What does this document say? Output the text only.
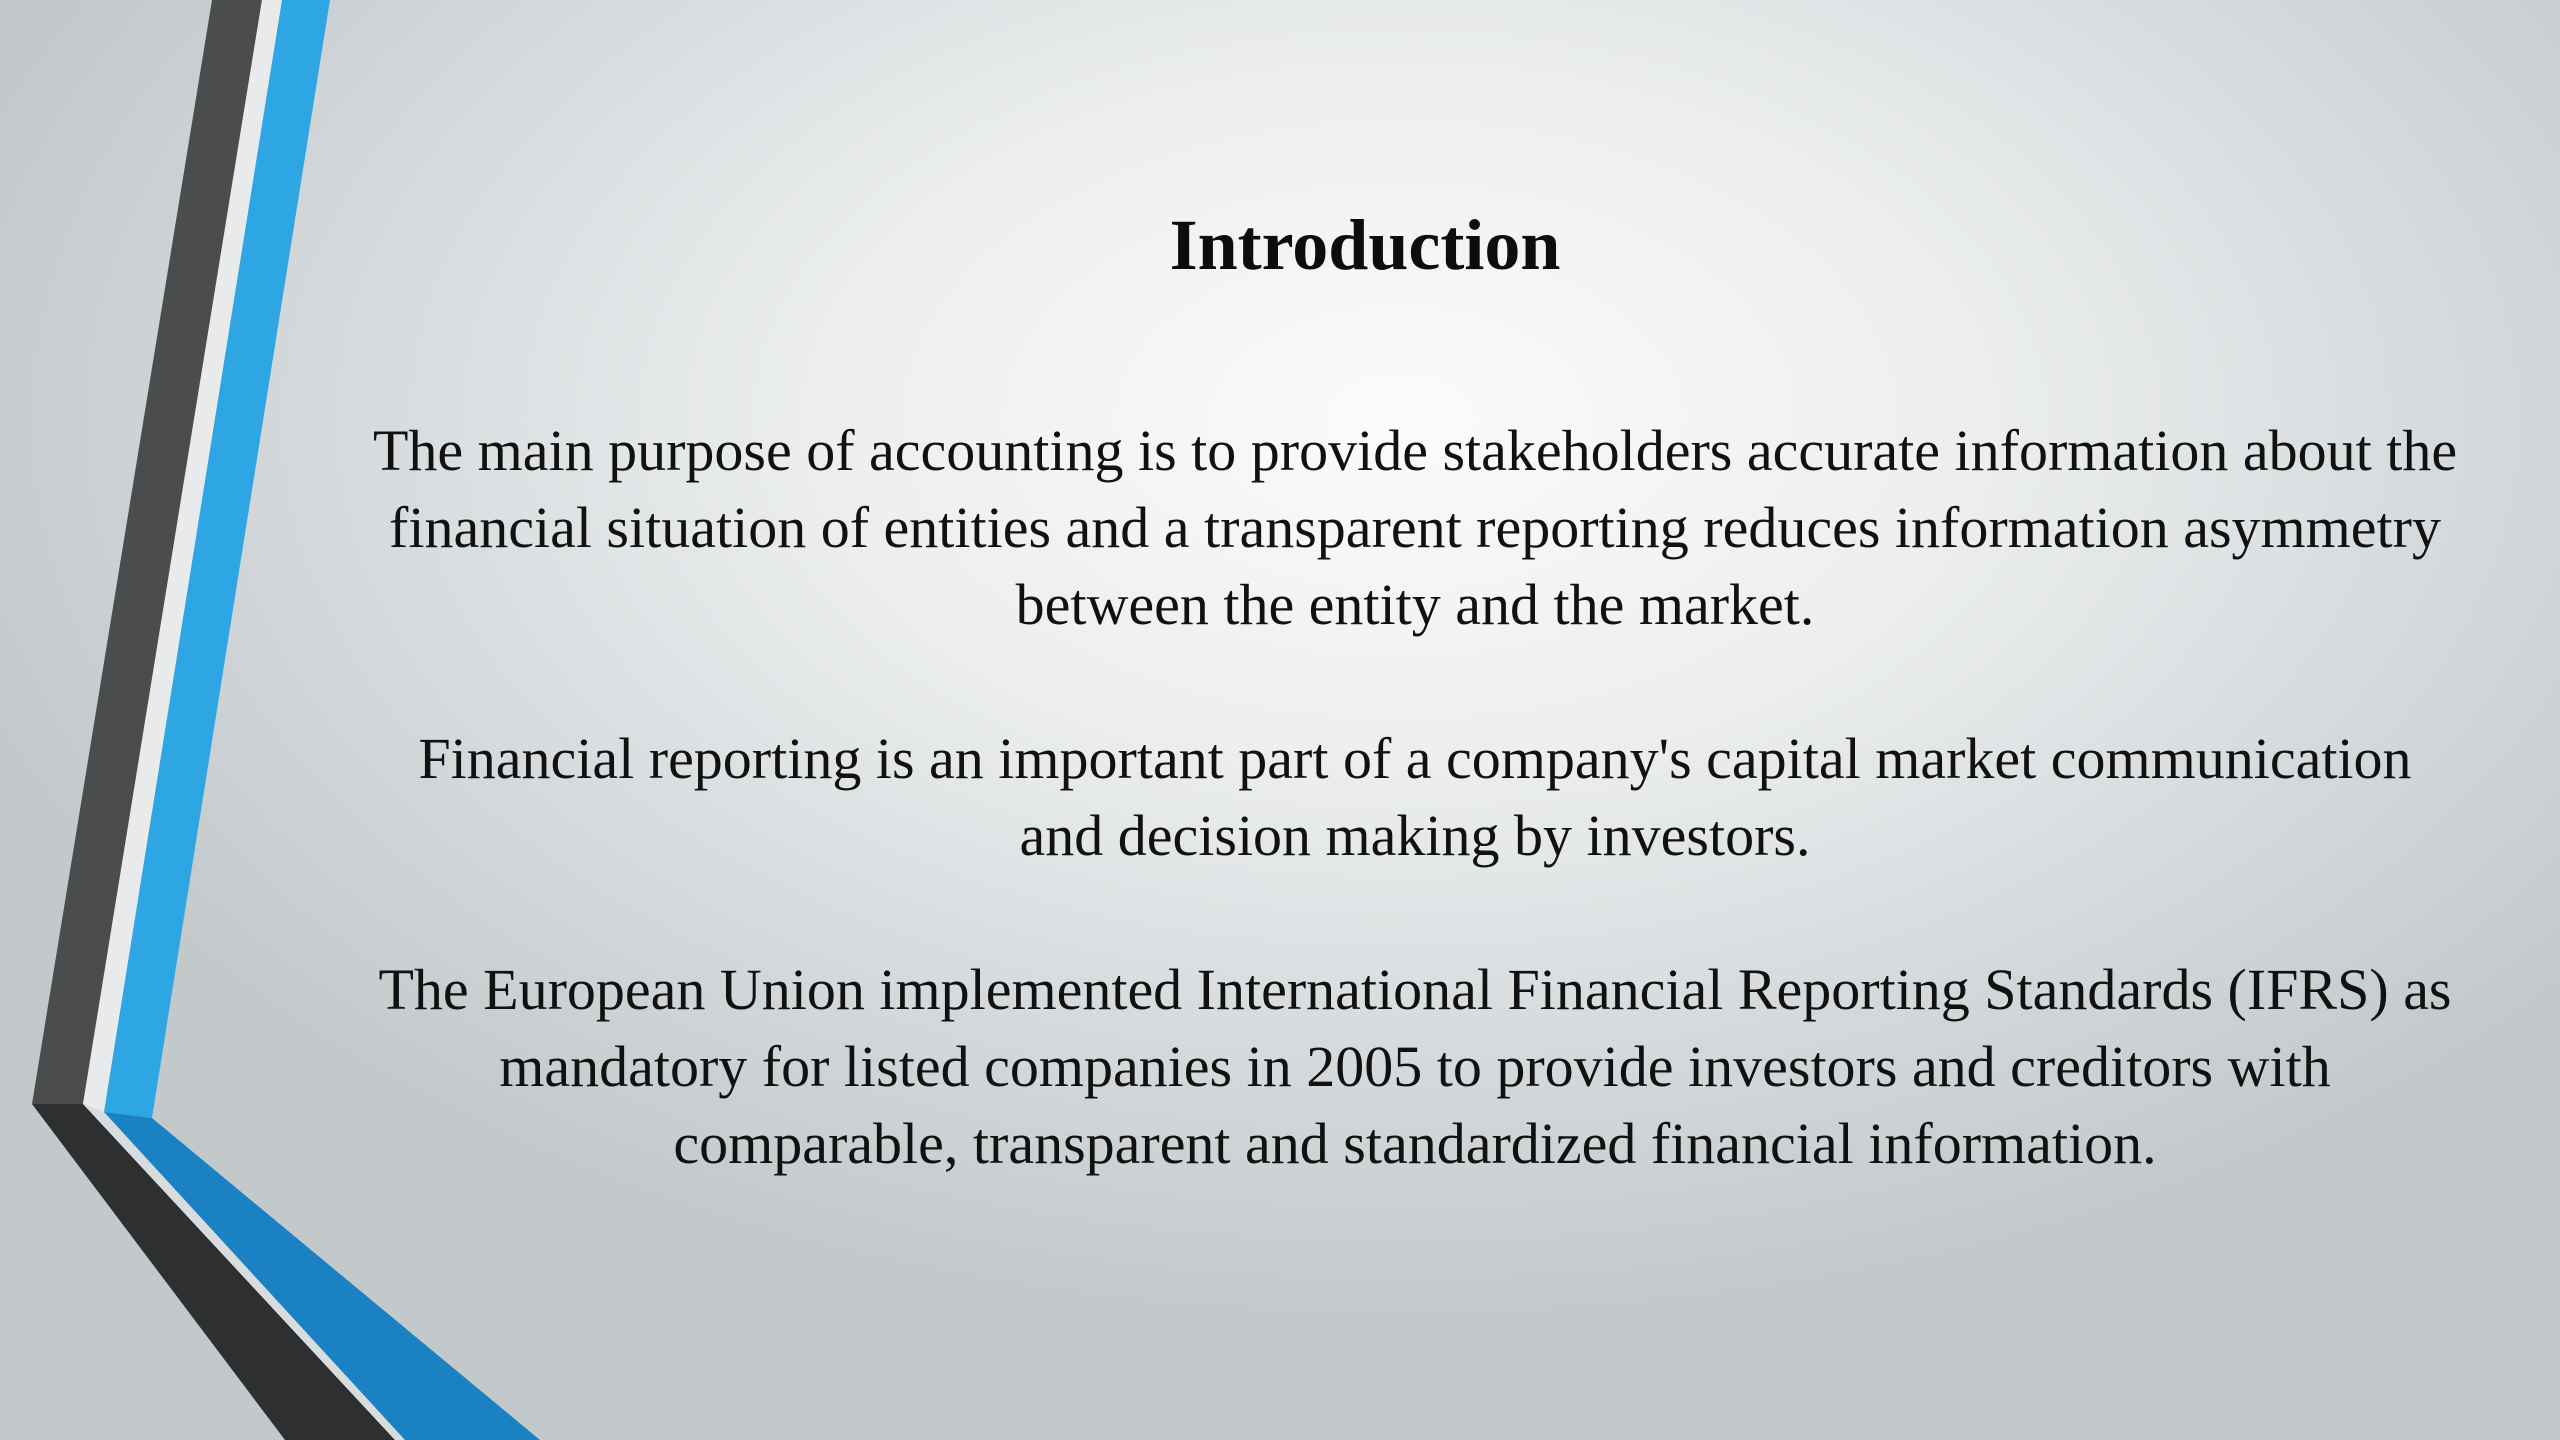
Introduction

The main purpose of accounting is to provide stakeholders accurate information about the financial situation of entities and a transparent reporting reduces information asymmetry between the entity and the market.

Financial reporting is an important part of a company's capital market communication and decision making by investors.

The European Union implemented International Financial Reporting Standards (IFRS) as mandatory for listed companies in 2005 to provide investors and creditors with comparable, transparent and standardized financial information.
